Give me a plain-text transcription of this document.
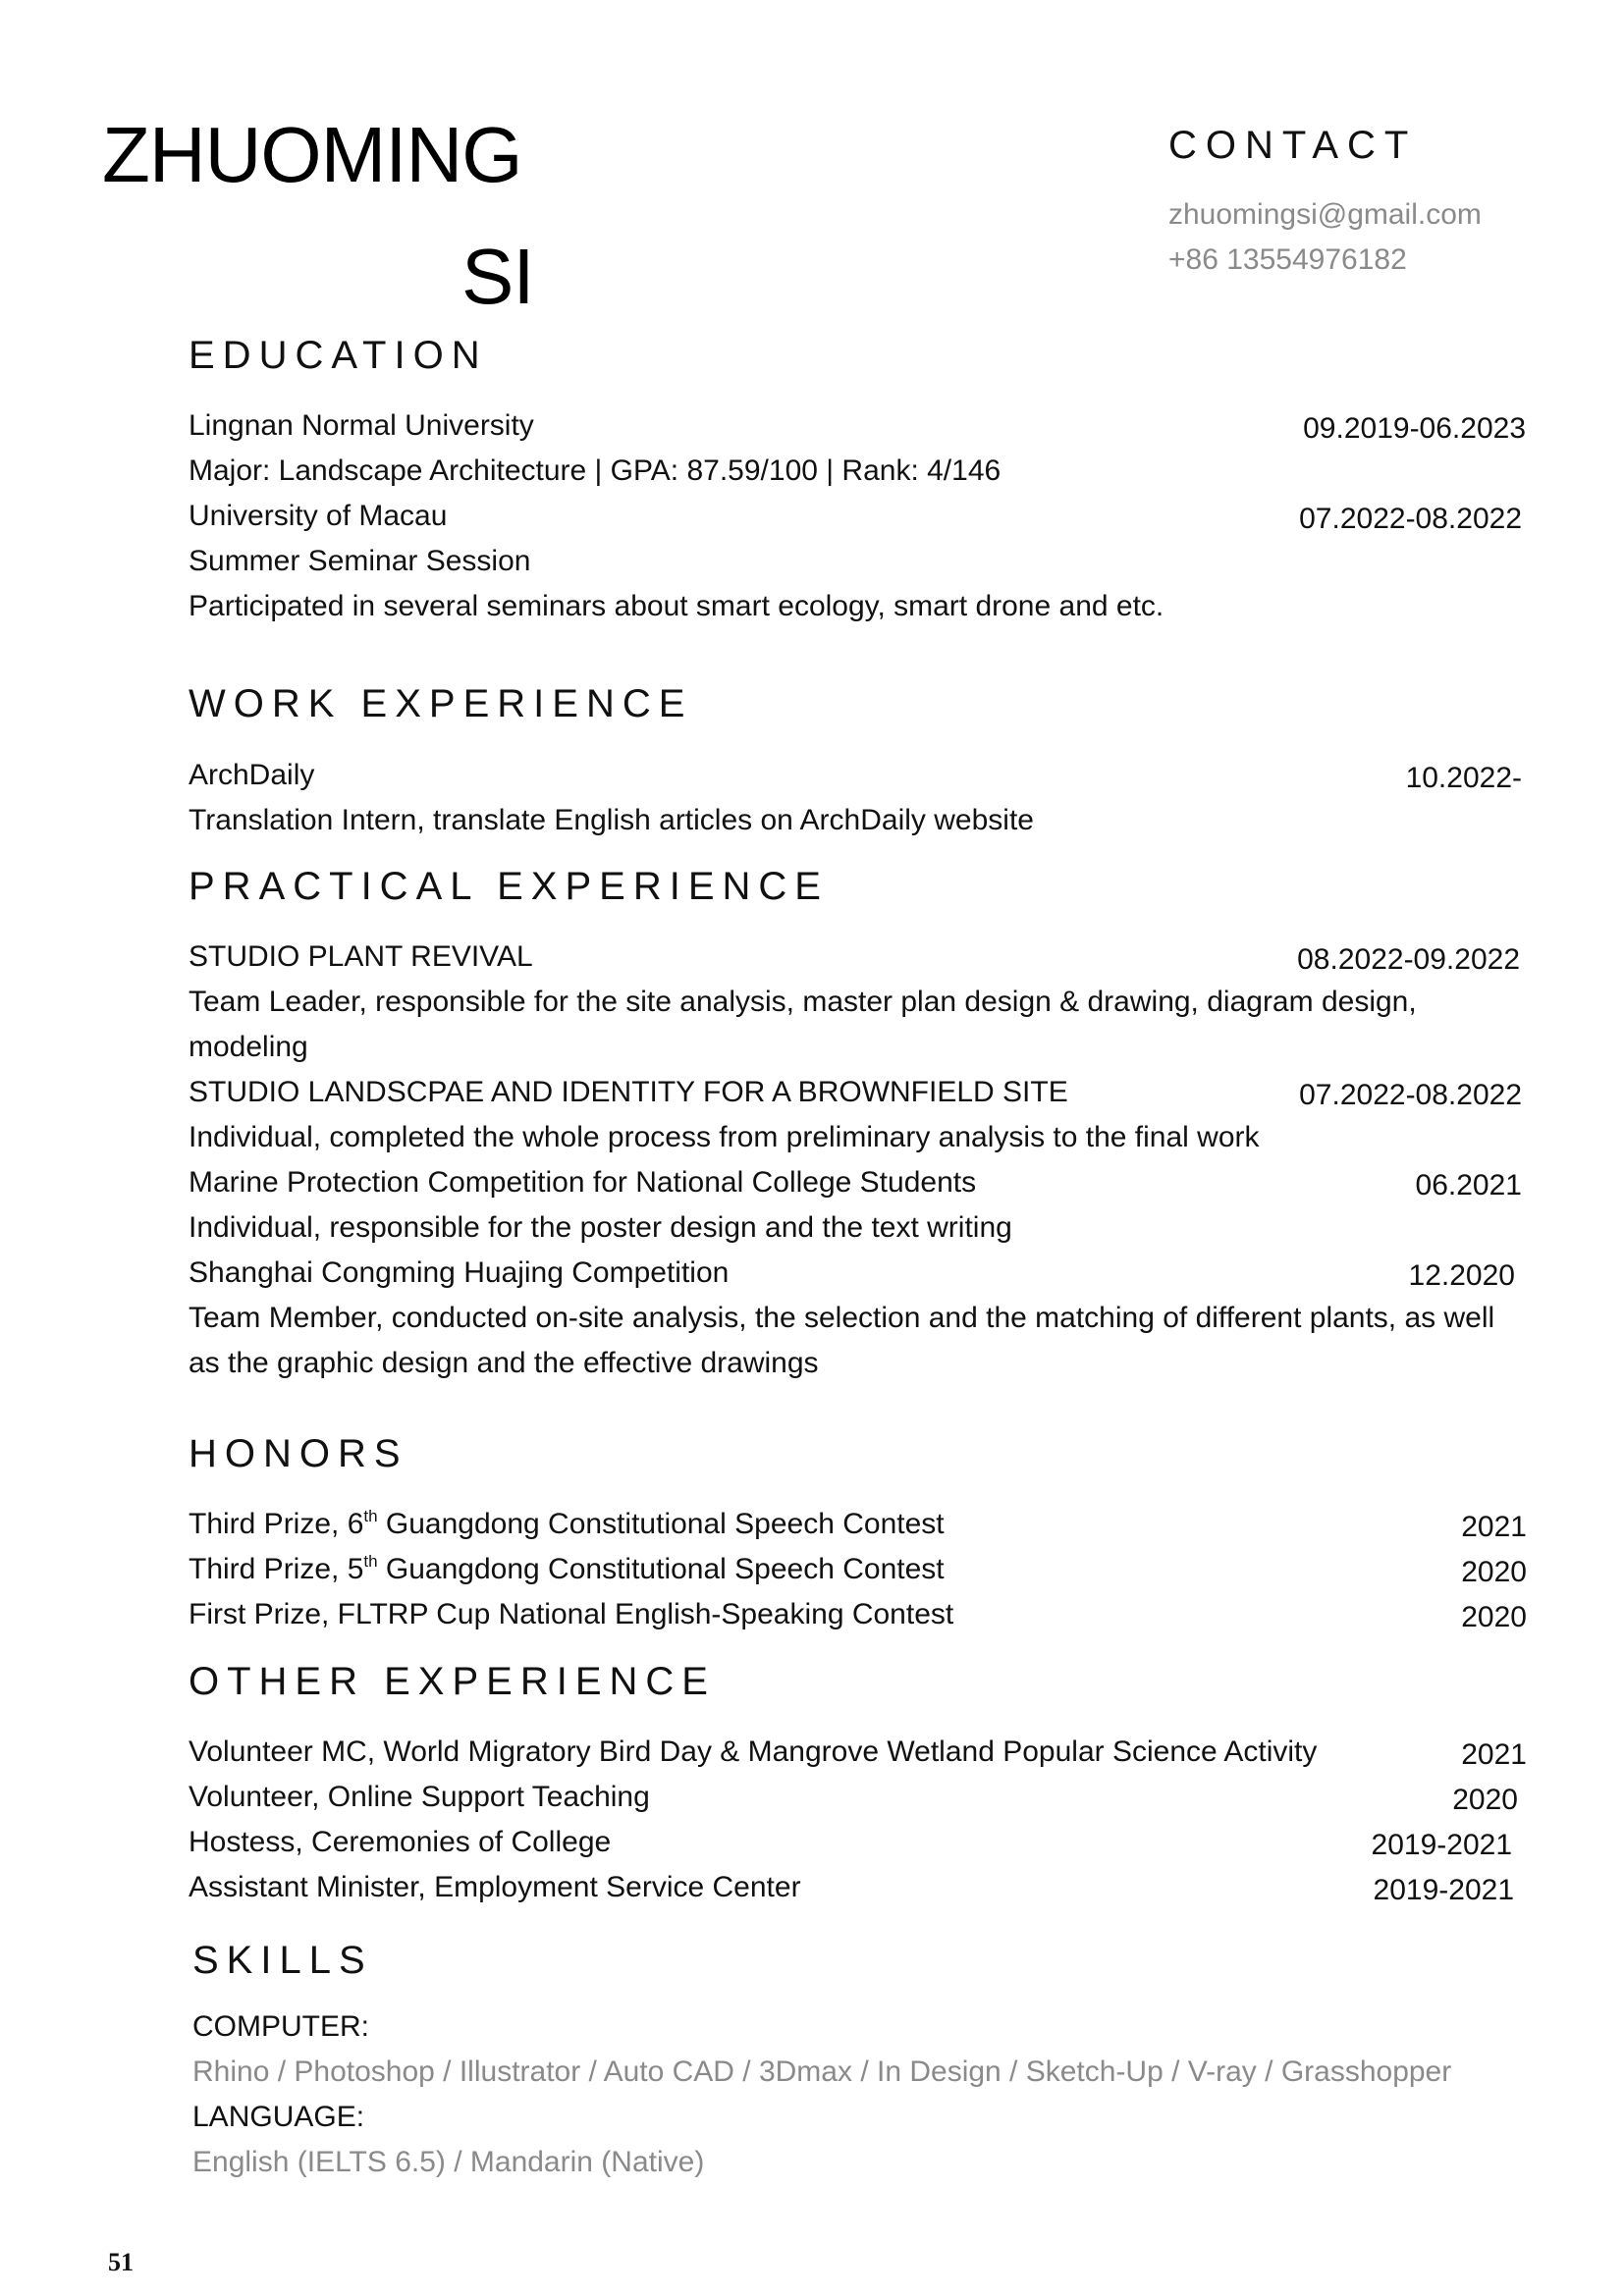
ZHUOMING
SI
CONTACT
zhuomingsi@gmail.com
+86 13554976182
EDUCATION
Lingnan Normal University	09.2019-06.2023
Major: Landscape Architecture | GPA: 87.59/100 | Rank: 4/146
University of Macau	07.2022-08.2022
Summer Seminar Session
Participated in several seminars about smart ecology, smart drone and etc.
WORK EXPERIENCE
ArchDaily	10.2022-
Translation Intern, translate English articles on ArchDaily website
PRACTICAL EXPERIENCE
STUDIO PLANT REVIVAL	08.2022-09.2022
Team Leader, responsible for the site analysis, master plan design & drawing, diagram design, modeling
STUDIO LANDSCPAE AND IDENTITY FOR A BROWNFIELD SITE	07.2022-08.2022
Individual, completed the whole process from preliminary analysis to the final work
Marine Protection Competition for National College Students	06.2021
Individual, responsible for the poster design and the text writing
Shanghai Congming Huajing Competition	12.2020
Team Member, conducted on-site analysis, the selection and the matching of different plants, as well as the graphic design and the effective drawings
HONORS
Third Prize, 6th Guangdong Constitutional Speech Contest	2021
Third Prize, 5th Guangdong Constitutional Speech Contest	2020
First Prize, FLTRP Cup National English-Speaking Contest	2020
OTHER EXPERIENCE
Volunteer MC, World Migratory Bird Day & Mangrove Wetland Popular Science Activity	2021
Volunteer, Online Support Teaching	2020
Hostess, Ceremonies of College	2019-2021
Assistant Minister, Employment Service Center	2019-2021
SKILLS
COMPUTER:
Rhino / Photoshop / Illustrator / Auto CAD / 3Dmax / In Design / Sketch-Up / V-ray / Grasshopper
LANGUAGE:
English (IELTS 6.5) / Mandarin (Native)
51
